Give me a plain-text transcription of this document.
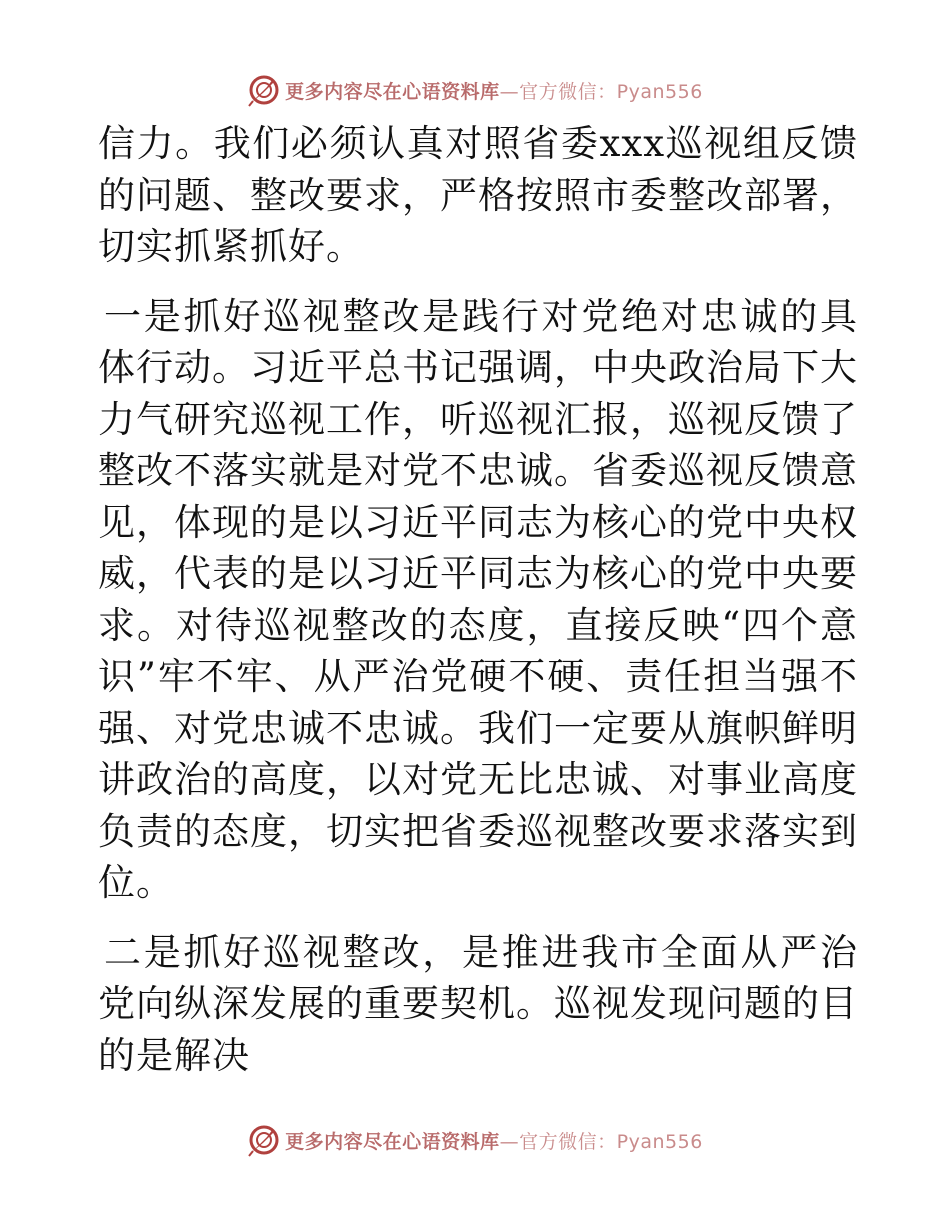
更多内容尽在心语资料库—官方微信：Pyan556

信力。我们必须认真对照省委xxx巡视组反馈的问题、整改要求，严格按照市委整改部署，切实抓紧抓好。

一是抓好巡视整改是践行对党绝对忠诚的具体行动。习近平总书记强调，中央政治局下大力气研究巡视工作，听巡视汇报，巡视反馈了整改不落实就是对党不忠诚。省委巡视反馈意见，体现的是以习近平同志为核心的党中央权威，代表的是以习近平同志为核心的党中央要求。对待巡视整改的态度，直接反映“四个意识”牢不牢、从严治党硬不硬、责任担当强不强、对党忠诚不忠诚。我们一定要从旗帜鲜明讲政治的高度，以对党无比忠诚、对事业高度负责的态度，切实把省委巡视整改要求落实到位。

二是抓好巡视整改，是推进我市全面从严治党向纵深发展的重要契机。巡视发现问题的目的是解决

更多内容尽在心语资料库—官方微信：Pyan556
